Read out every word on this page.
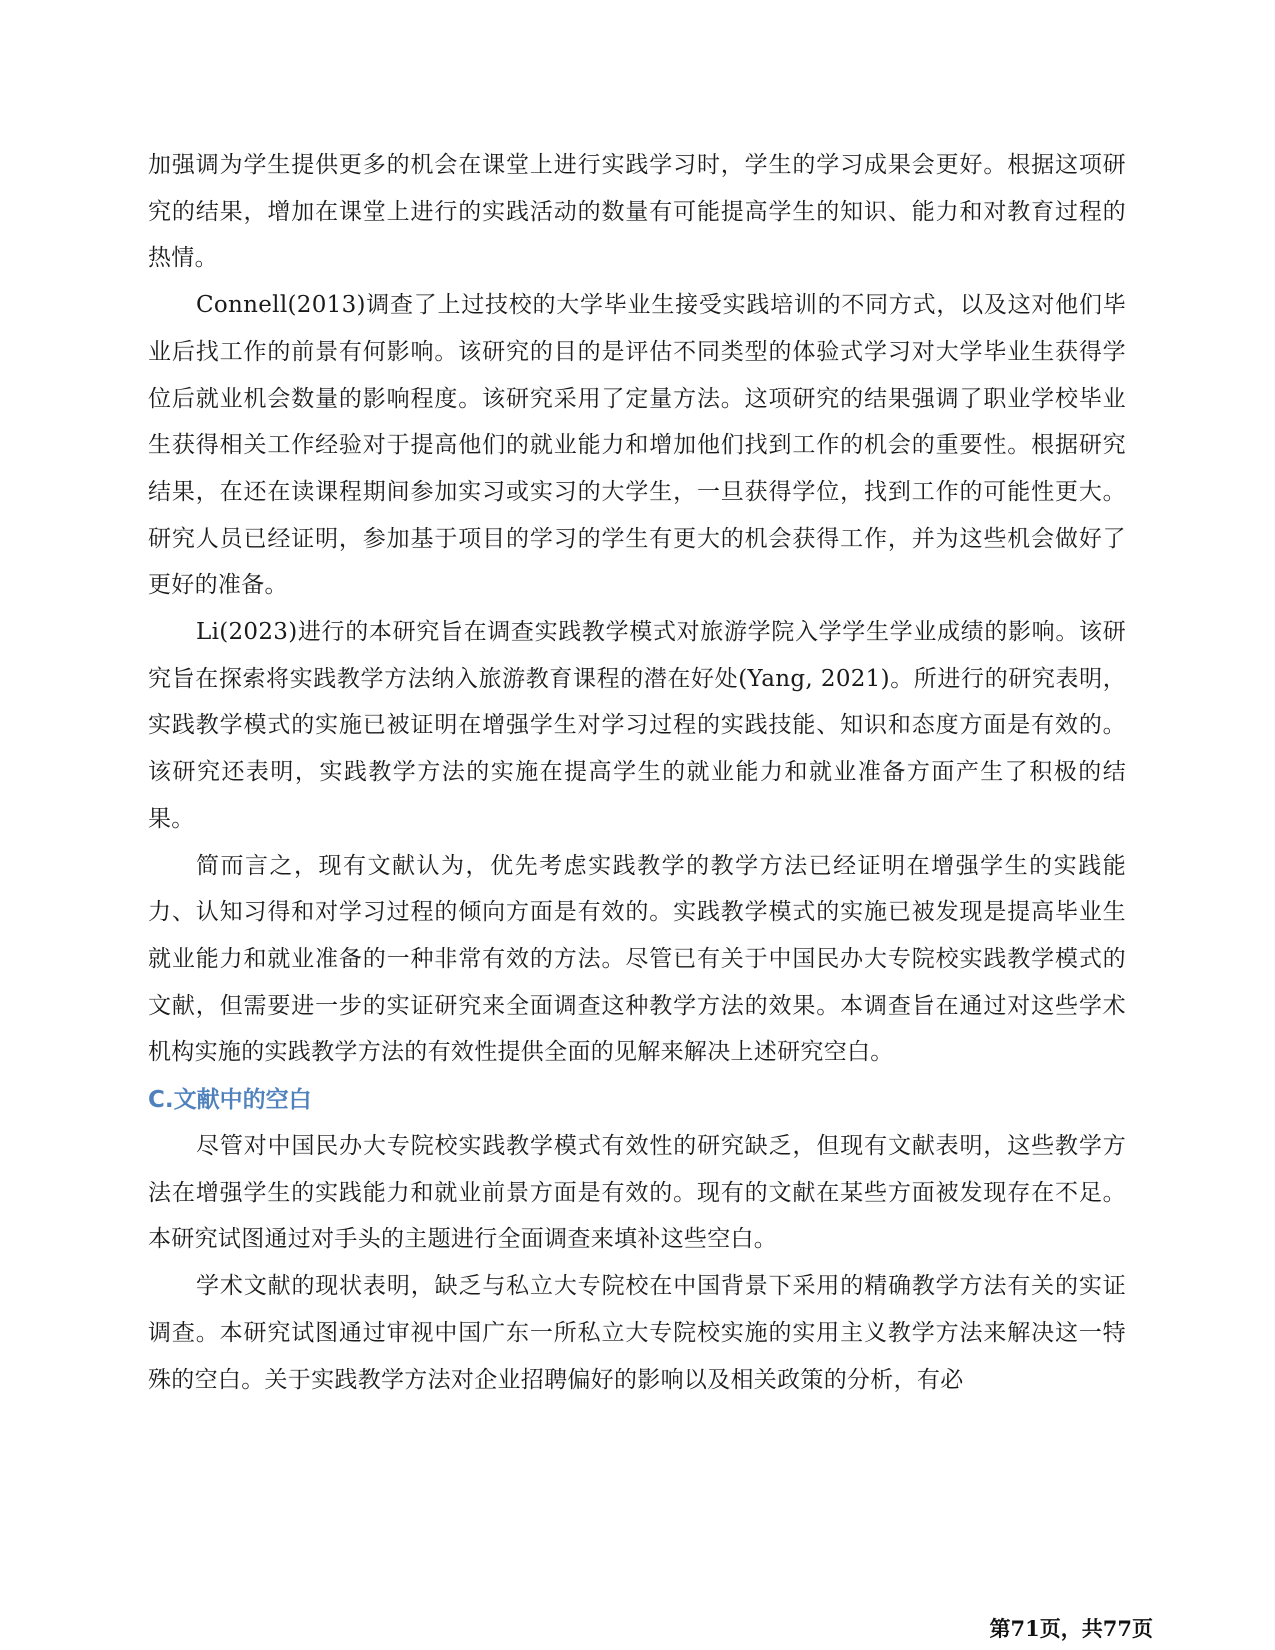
加强调为学生提供更多的机会在课堂上进行实践学习时，学生的学习成果会更好。根据这项研究的结果，增加在课堂上进行的实践活动的数量有可能提高学生的知识、能力和对教育过程的热情。

Connell(2013)调查了上过技校的大学毕业生接受实践培训的不同方式，以及这对他们毕业后找工作的前景有何影响。该研究的目的是评估不同类型的体验式学习对大学毕业生获得学位后就业机会数量的影响程度。该研究采用了定量方法。这项研究的结果强调了职业学校毕业生获得相关工作经验对于提高他们的就业能力和增加他们找到工作的机会的重要性。根据研究结果，在还在读课程期间参加实习或实习的大学生，一旦获得学位，找到工作的可能性更大。研究人员已经证明，参加基于项目的学习的学生有更大的机会获得工作，并为这些机会做好了更好的准备。

Li(2023)进行的本研究旨在调查实践教学模式对旅游学院入学学生学业成绩的影响。该研究旨在探索将实践教学方法纳入旅游教育课程的潜在好处(Yang, 2021)。所进行的研究表明，实践教学模式的实施已被证明在增强学生对学习过程的实践技能、知识和态度方面是有效的。该研究还表明，实践教学方法的实施在提高学生的就业能力和就业准备方面产生了积极的结果。

简而言之，现有文献认为，优先考虑实践教学的教学方法已经证明在增强学生的实践能力、认知习得和对学习过程的倾向方面是有效的。实践教学模式的实施已被发现是提高毕业生就业能力和就业准备的一种非常有效的方法。尽管已有关于中国民办大专院校实践教学模式的文献，但需要进一步的实证研究来全面调查这种教学方法的效果。本调查旨在通过对这些学术机构实施的实践教学方法的有效性提供全面的见解来解决上述研究空白。

C.文献中的空白

尽管对中国民办大专院校实践教学模式有效性的研究缺乏，但现有文献表明，这些教学方法在增强学生的实践能力和就业前景方面是有效的。现有的文献在某些方面被发现存在不足。本研究试图通过对手头的主题进行全面调查来填补这些空白。

学术文献的现状表明，缺乏与私立大专院校在中国背景下采用的精确教学方法有关的实证调查。本研究试图通过审视中国广东一所私立大专院校实施的实用主义教学方法来解决这一特殊的空白。关于实践教学方法对企业招聘偏好的影响以及相关政策的分析，有必

第71页，共77页
